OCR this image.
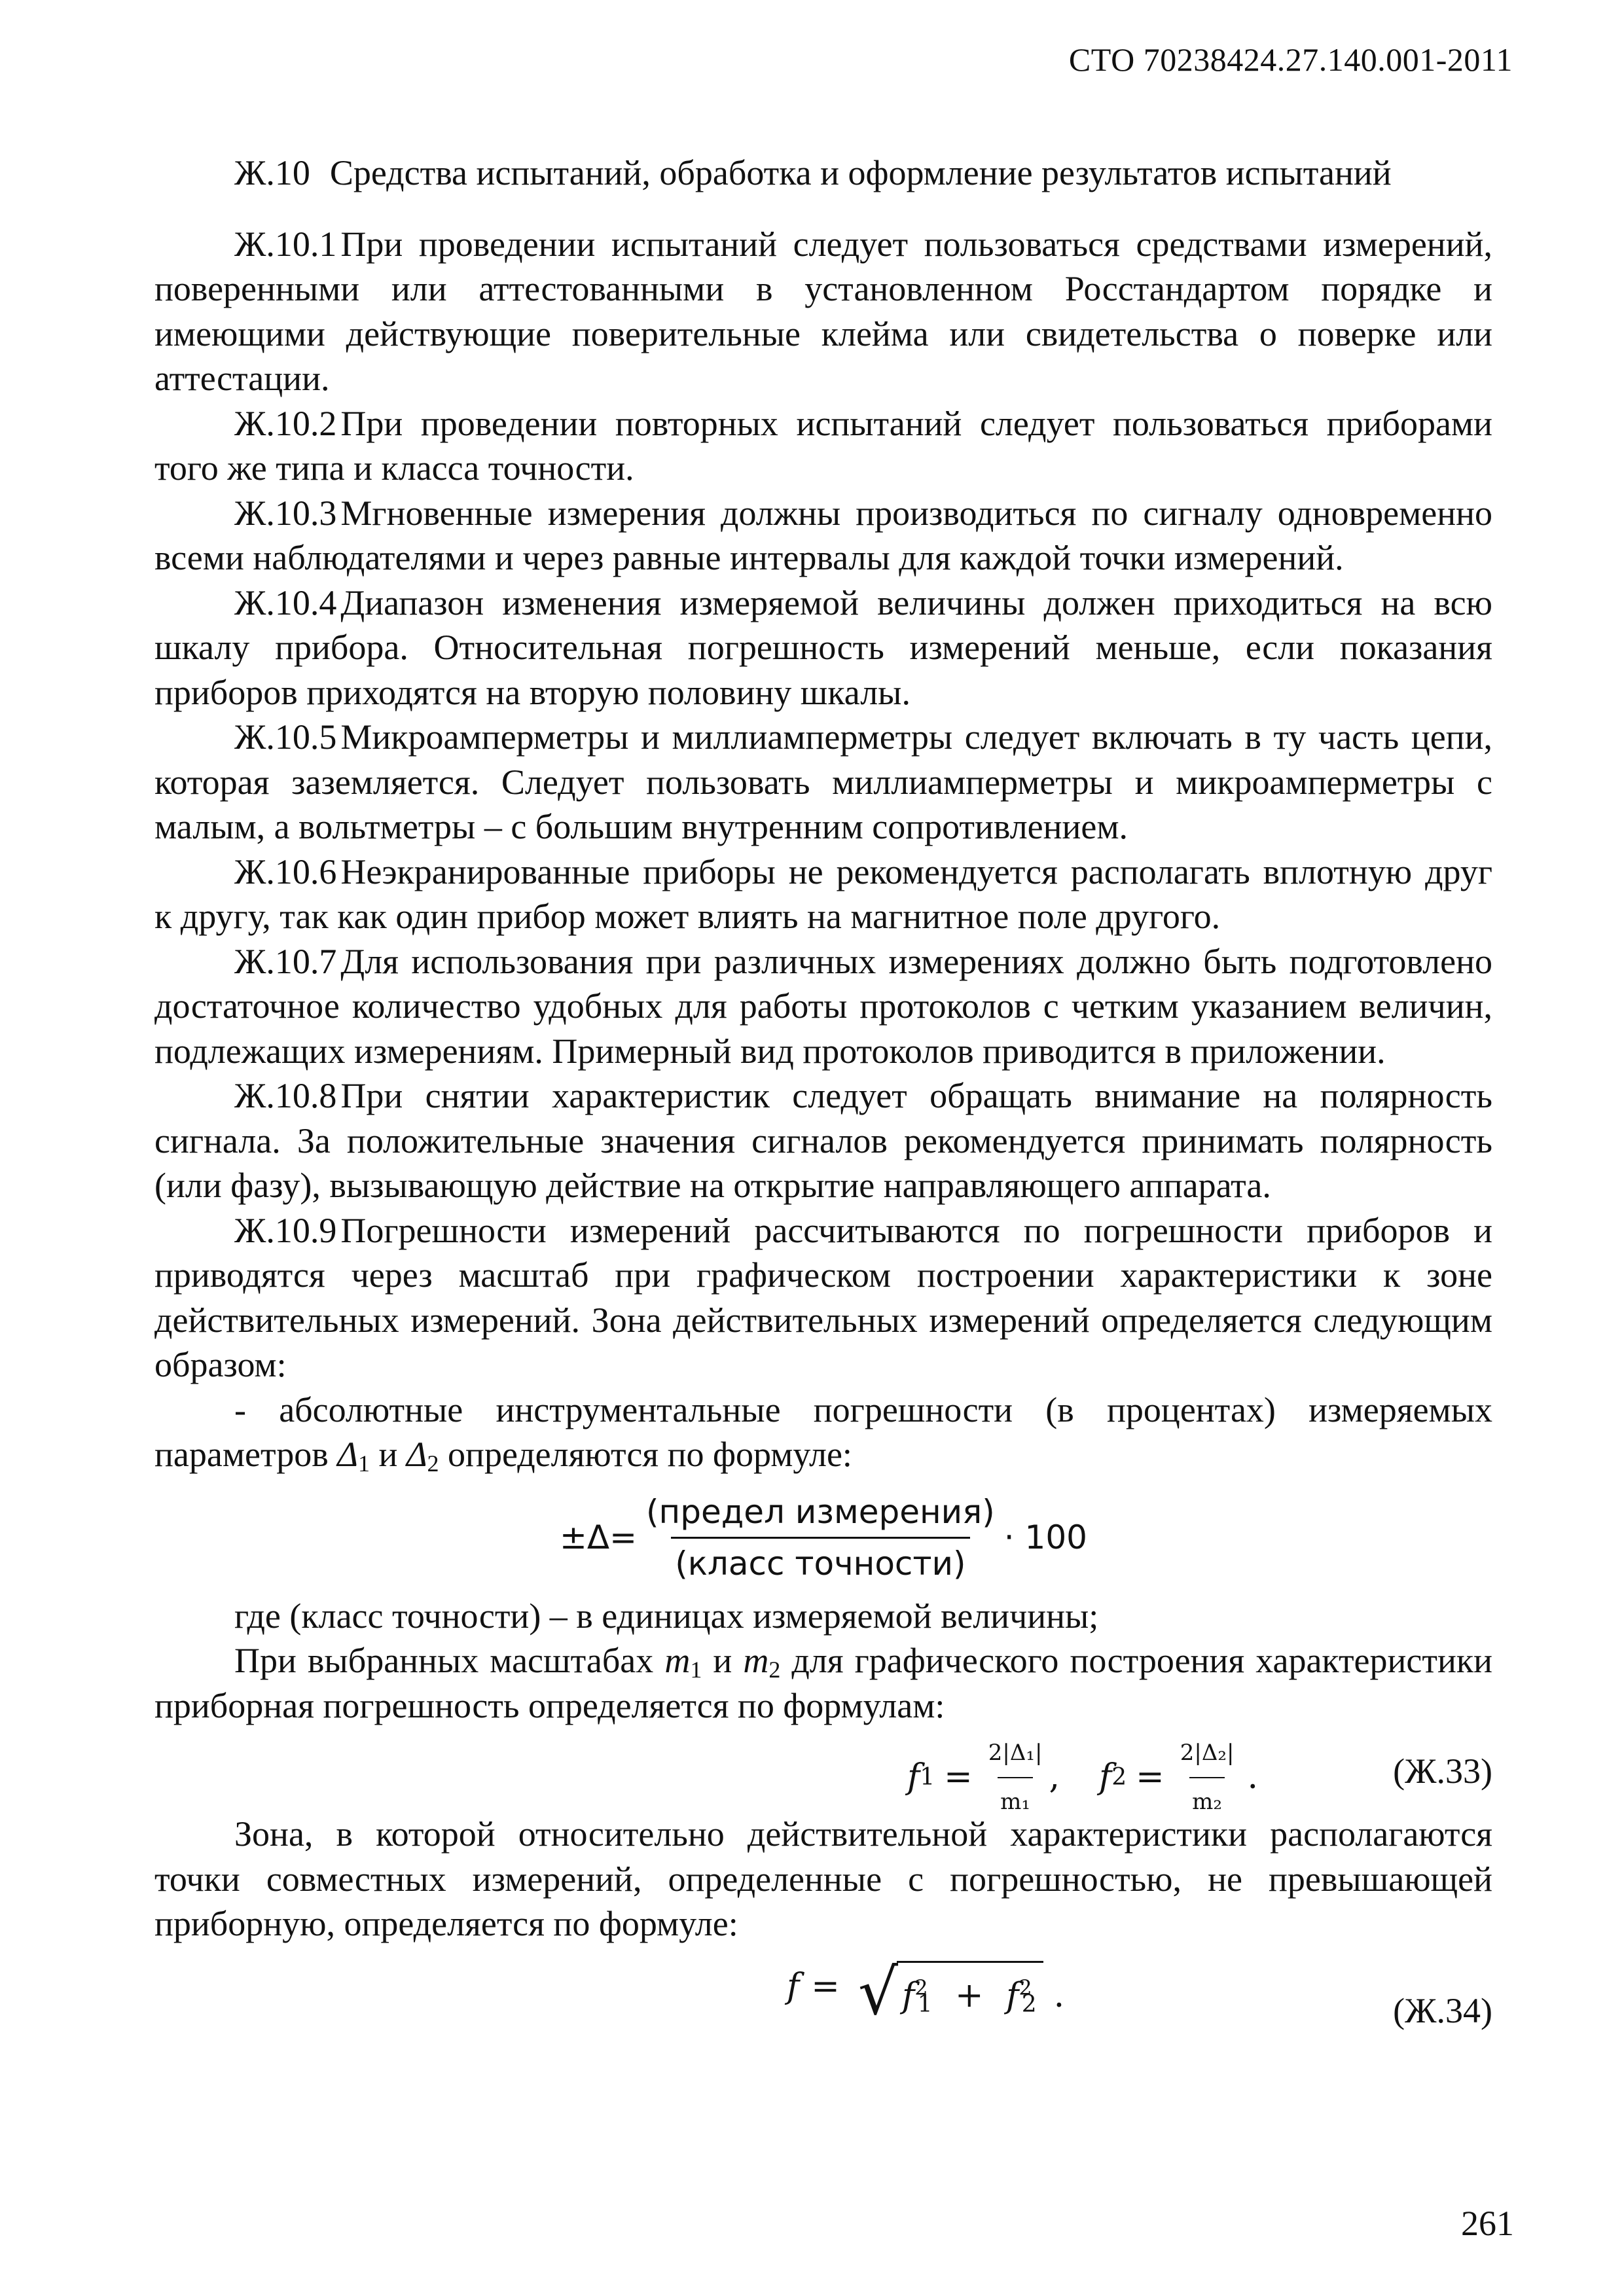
СТО 70238424.27.140.001-2011
Ж.10 Средства испытаний, обработка и оформление результатов испытаний

Ж.10.1 При проведении испытаний следует пользоваться средствами измерений, поверенными или аттестованными в установленном Росстандартом порядке и имеющими действующие поверительные клейма или свидетельства о поверке или аттестации.

Ж.10.2 При проведении повторных испытаний следует пользоваться приборами того же типа и класса точности.

Ж.10.3 Мгновенные измерения должны производиться по сигналу одновременно всеми наблюдателями и через равные интервалы для каждой точки измерений.

Ж.10.4 Диапазон изменения измеряемой величины должен приходиться на всю шкалу прибора. Относительная погрешность измерений меньше, если показания приборов приходятся на вторую половину шкалы.

Ж.10.5 Микроамперметры и миллиамперметры следует включать в ту часть цепи, которая заземляется. Следует пользовать миллиамперметры и микроамперметры с малым, а вольтметры – с большим внутренним сопротивлением.

Ж.10.6 Неэкранированные приборы не рекомендуется располагать вплотную друг к другу, так как один прибор может влиять на магнитное поле другого.

Ж.10.7 Для использования при различных измерениях должно быть подготовлено достаточное количество удобных для работы протоколов с четким указанием величин, подлежащих измерениям. Примерный вид протоколов приводится в приложении.

Ж.10.8 При снятии характеристик следует обращать внимание на полярность сигнала. За положительные значения сигналов рекомендуется принимать полярность (или фазу), вызывающую действие на открытие направляющего аппарата.

Ж.10.9 Погрешности измерений рассчитываются по погрешности приборов и приводятся через масштаб при графическом построении характеристики к зоне действительных измерений. Зона действительных измерений определяется следующим образом:

- абсолютные инструментальные погрешности (в процентах) измеряемых параметров $\Delta_1$ и $\Delta_2$ определяются по формуле:

$\pm\Delta= \frac{\text{(предел измерения)}}{\text{(класс точности)}} \cdot 100$

где (класс точности) – в единицах измеряемой величины;

При выбранных масштабах $m_1$ и $m_2$ для графического построения характеристики приборная погрешность определяется по формулам:

f $1 = \frac{\text{2|Δ₁|}}{\text{m₁}}$ , f $2 = \frac{\text{2|Δ₂|}}{\text{m₂}}$ .	(Ж.33)

Зона, в которой относительно действительной характеристики располагаются точки совместных измерений, определенные с погрешностью, не превышающей приборную, определяется по формуле:

f = √ $f^2_1 + f^2_2$ .	(Ж.34)
261
